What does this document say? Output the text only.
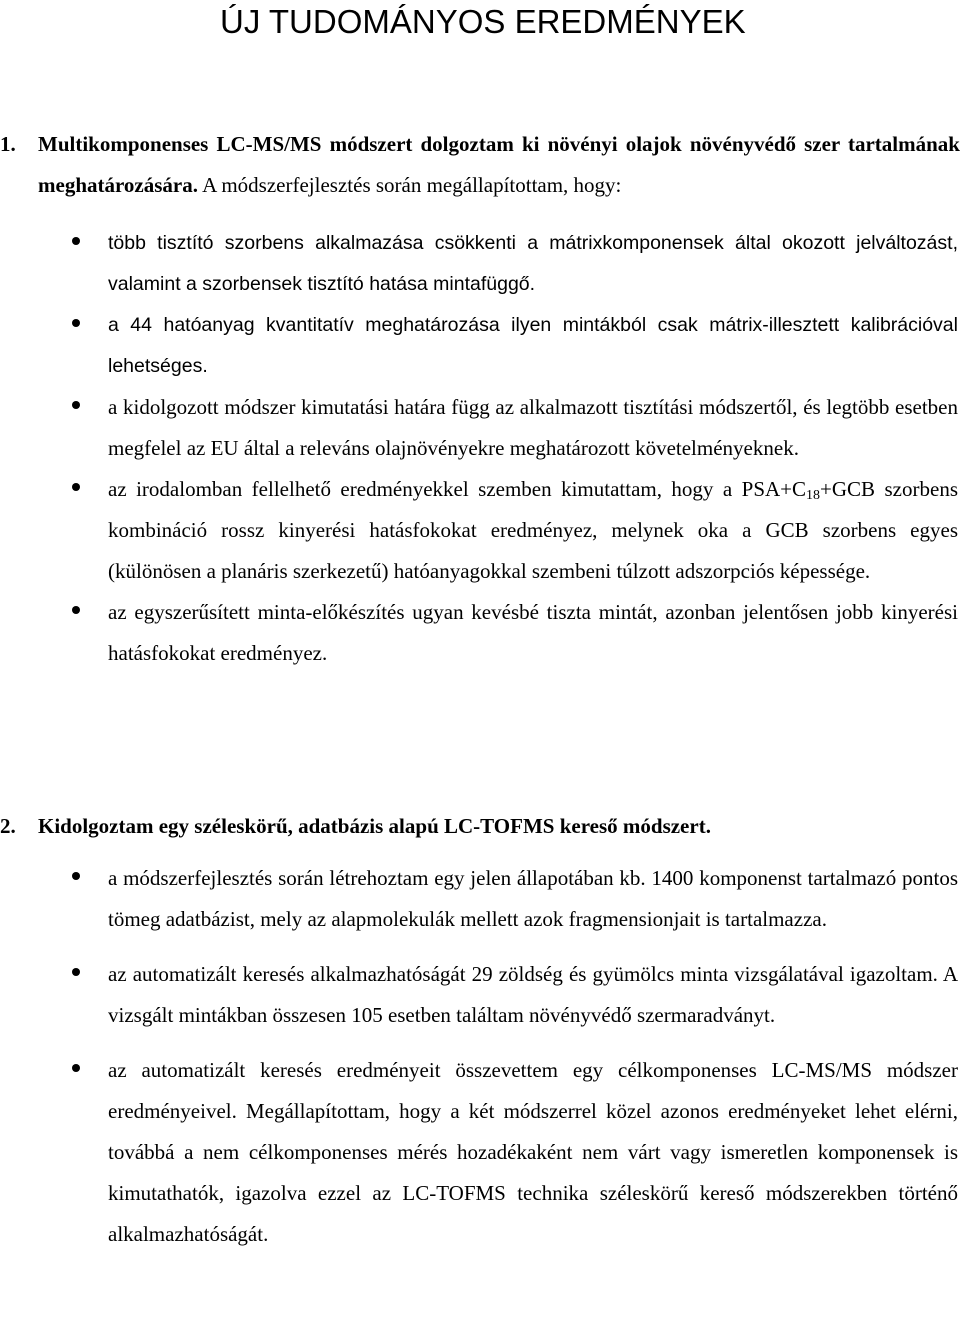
ÚJ TUDOMÁNYOS EREDMÉNYEK
1.	Multikomponenses LC-MS/MS módszert dolgoztam ki növényi olajok növényvédő szer tartalmának meghatározására. A módszerfejlesztés során megállapítottam, hogy:
több tisztító szorbens alkalmazása csökkenti a mátrixkomponensek által okozott jelváltozást, valamint a szorbensek tisztító hatása mintafüggő.
a 44 hatóanyag kvantitatív meghatározása ilyen mintákból csak mátrix-illesztett kalibrációval lehetséges.
a kidolgozott módszer kimutatási határa függ az alkalmazott tisztítási módszertől, és legtöbb esetben megfelel az EU által a releváns olajnövényekre meghatározott követelményeknek.
az irodalomban fellelhető eredményekkel szemben kimutattam, hogy a $PSA+C_{18}+GCB$ szorbens kombináció rossz kinyerési hatásfokokat eredményez, melynek oka a GCB szorbens egyes (különösen a planáris szerkezetű) hatóanyagokkal szembeni túlzott adszorpciós képessége.
az egyszerűsített minta-előkészítés ugyan kevésbé tiszta mintát, azonban jelentősen jobb kinyerési hatásfokokat eredményez.
2.	Kidolgoztam egy széleskörű, adatbázis alapú LC-TOFMS kereső módszert.
a módszerfejlesztés során létrehoztam egy jelen állapotában kb. 1400 komponenst tartalmazó pontos tömeg adatbázist, mely az alapmolekulák mellett azok fragmensionjait is tartalmazza.
az automatizált keresés alkalmazhatóságát 29 zöldség és gyümölcs minta vizsgálatával igazoltam. A vizsgált mintákban összesen 105 esetben találtam növényvédő szermaradványt.
az automatizált keresés eredményeit összevettem egy célkomponenses LC-MS/MS módszer eredményeivel. Megállapítottam, hogy a két módszerrel közel azonos eredményeket lehet elérni, továbbá a nem célkomponenses mérés hozadékaként nem várt vagy ismeretlen komponensek is kimutathatók, igazolva ezzel az LC-TOFMS technika széleskörű kereső módszerekben történő alkalmazhatóságát.
